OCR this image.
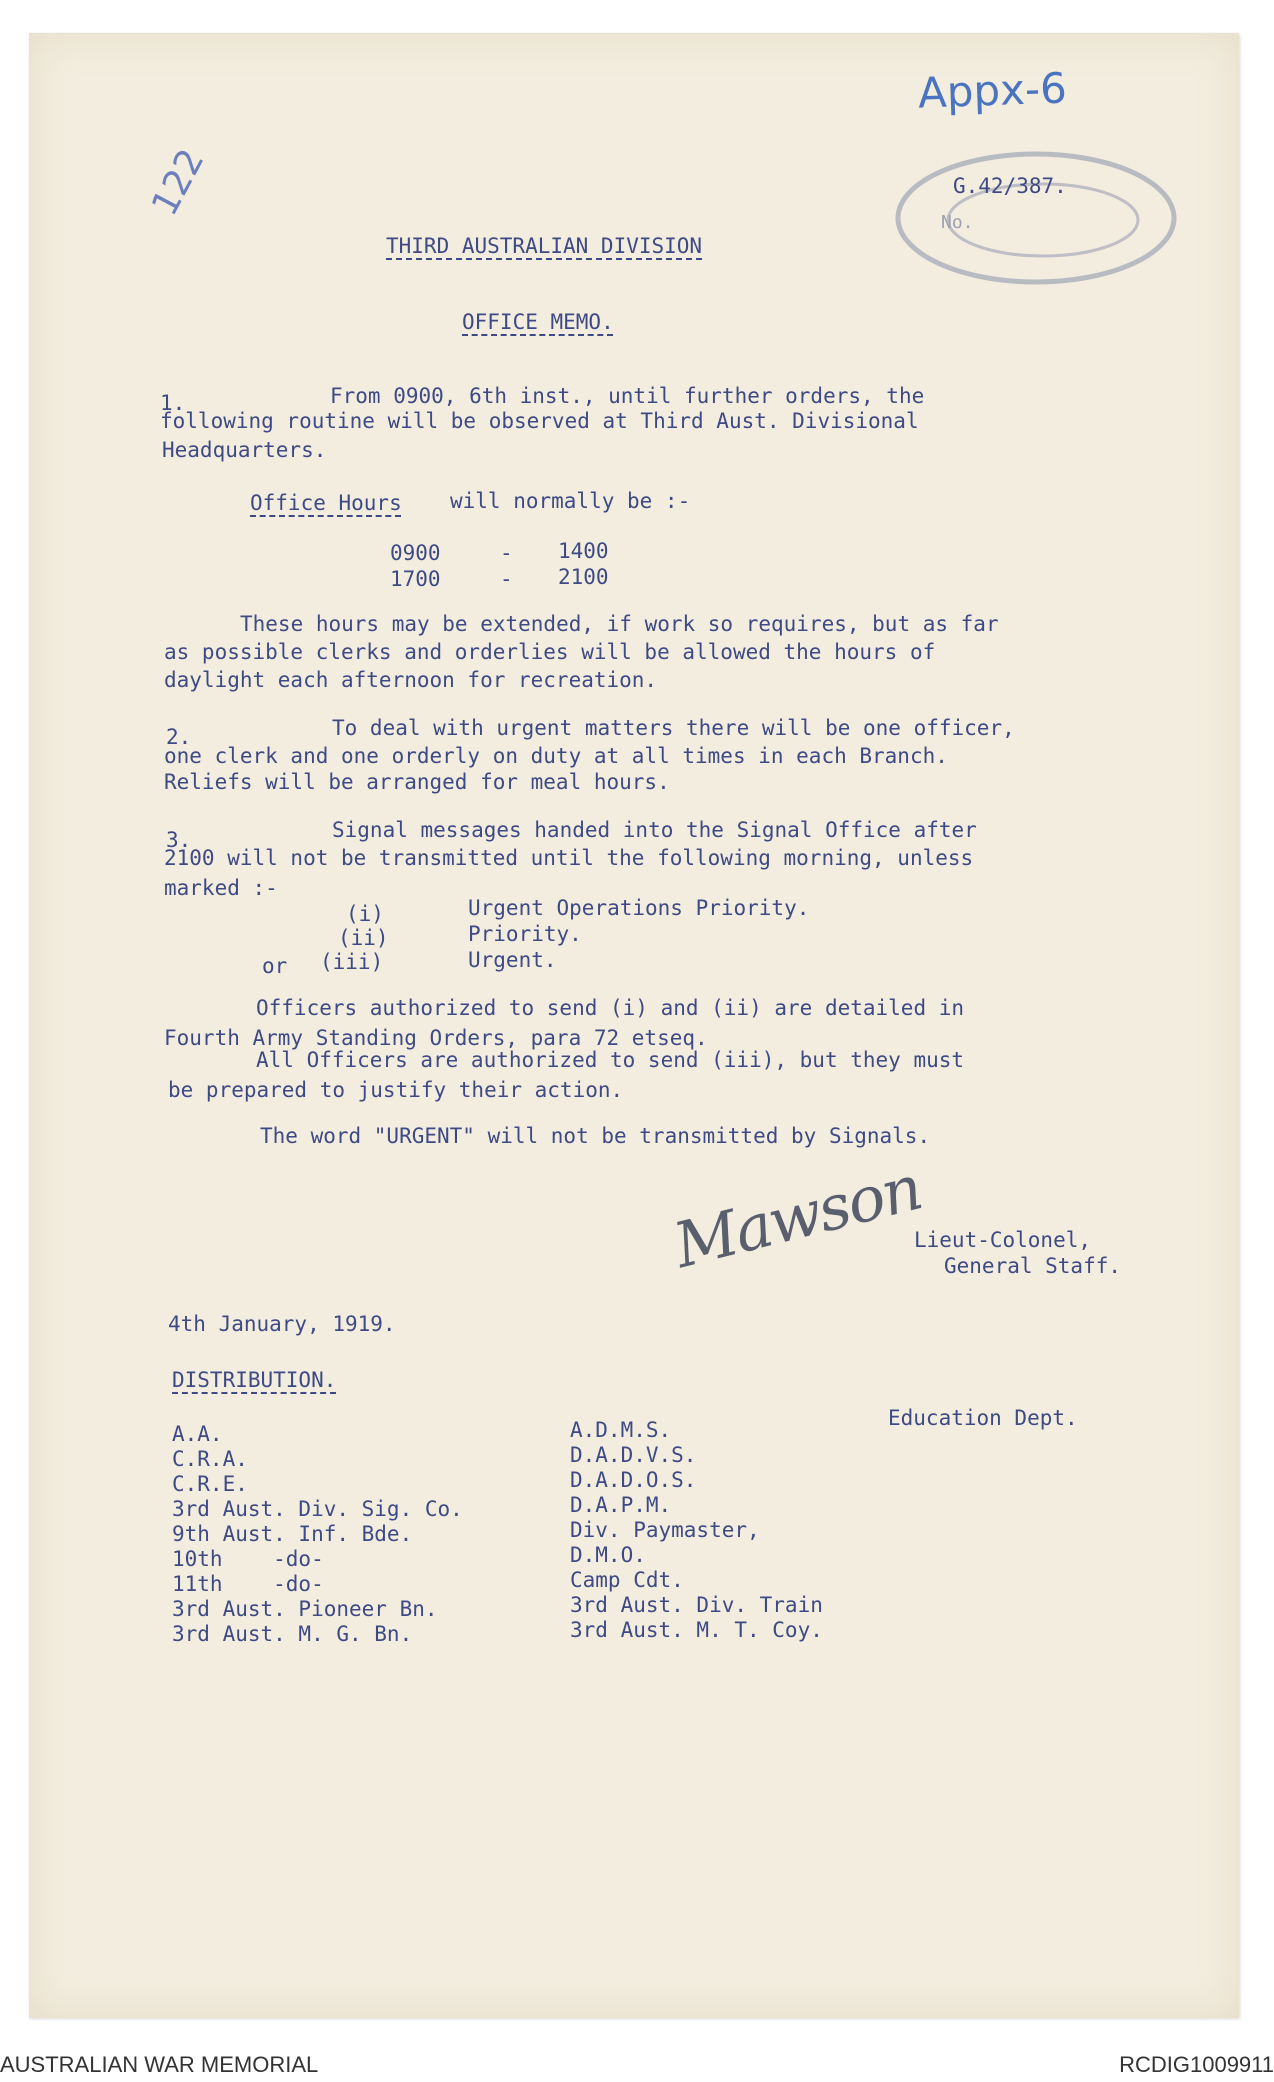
Appx-6
122	G.42/387.
No.
THIRD AUSTRALIAN DIVISION
OFFICE MEMO.
1.	From 0900, 6th inst., until further orders, the
following routine will be observed at Third Aust. Divisional
Headquarters.
Office Hours will normally be :-
0900	- 1400
1700	- 2100
These hours may be extended, if work so requires, but as far
as possible clerks and orderlies will be allowed the hours of
daylight each afternoon for recreation.
2.	To deal with urgent matters there will be one officer,
one clerk and one orderly on duty at all times in each Branch.
Reliefs will be arranged for meal hours.
3.	Signal messages handed into the Signal Office after
2100 will not be transmitted until the following morning, unless
marked :-
(i)	Urgent Operations Priority.
(ii)	Priority.
or (iii)	Urgent.
Officers authorized to send (i) and (ii) are detailed in
Fourth Army Standing Orders, para 72 etseq.
All Officers are authorized to send (iii), but they must
be prepared to justify their action.
The word "URGENT" will not be transmitted by Signals.
Mawson
Lieut-Colonel,
General Staff.
4th January, 1919.
DISTRIBUTION.
A.A.
C.R.A.
C.R.E.
3rd Aust. Div. Sig. Co.
9th Aust. Inf. Bde.
10th    -do-
11th    -do-
3rd Aust. Pioneer Bn.
3rd Aust. M. G. Bn.
A.D.M.S.
D.A.D.V.S.
D.A.D.O.S.
D.A.P.M.
Div. Paymaster,
D.M.O.
Camp Cdt.
3rd Aust. Div. Train
3rd Aust. M. T. Coy.
Education Dept.
AUSTRALIAN WAR MEMORIAL	RCDIG1009911
